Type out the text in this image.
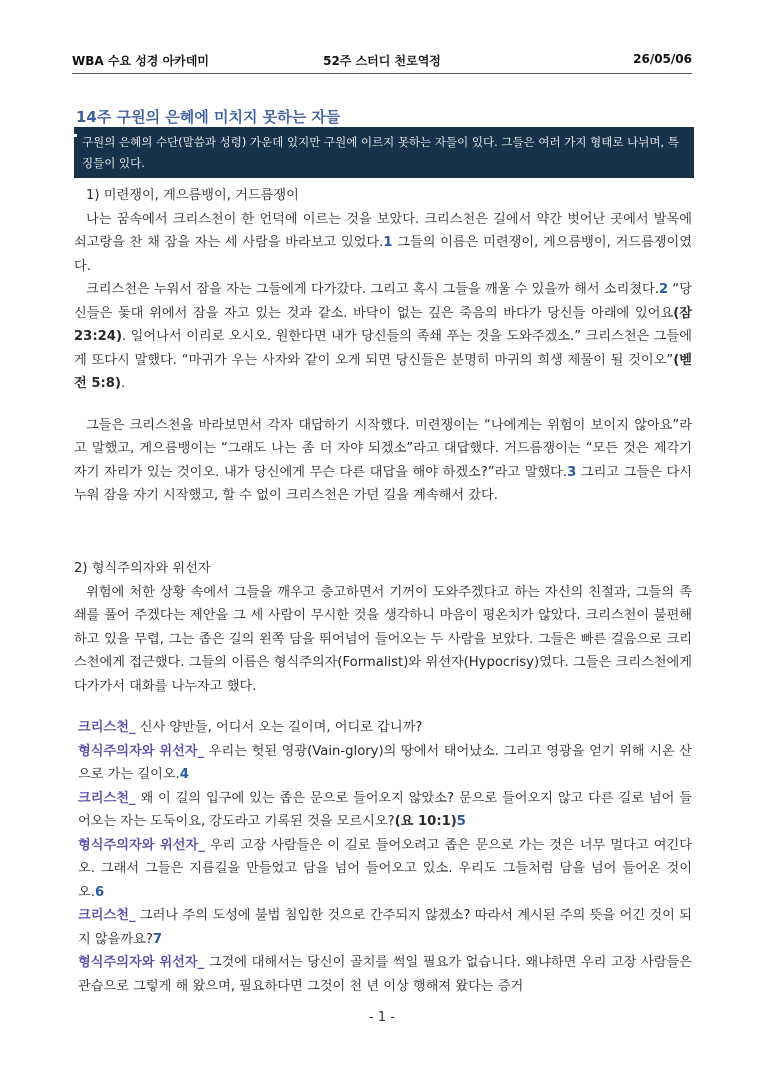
WBA 수요 성경 아카데미	52주 스터디 천로역정	26/05/06
14주 구원의 은혜에 미치지 못하는 자들
구원의 은혜의 수단(말씀과 성령) 가운데 있지만 구원에 이르지 못하는 자들이 있다. 그들은 여러 가지 형태로 나뉘며, 특징들이 있다.

1) 미련쟁이, 게으름뱅이, 거드름쟁이

나는 꿈속에서 크리스천이 한 언덕에 이르는 것을 보았다. 크리스천은 길에서 약간 벗어난 곳에서 발목에 쇠고랑을 찬 채 잠을 자는 세 사람을 바라보고 있었다.1 그들의 이름은 미련쟁이, 게으름뱅이, 거드름쟁이였다.

크리스천은 누워서 잠을 자는 그들에게 다가갔다. 그리고 혹시 그들을 깨울 수 있을까 해서 소리쳤다.2 “당신들은 돛대 위에서 잠을 자고 있는 것과 같소. 바닥이 없는 깊은 죽음의 바다가 당신들 아래에 있어요(잠 23:24). 일어나서 이리로 오시오. 원한다면 내가 당신들의 족쇄 푸는 것을 도와주겠소.” 크리스천은 그들에게 또다시 말했다. “마귀가 우는 사자와 같이 오게 되면 당신들은 분명히 마귀의 희생 제물이 될 것이오”(벧전 5:8).

그들은 크리스천을 바라보면서 각자 대답하기 시작했다. 미련쟁이는 “나에게는 위험이 보이지 않아요”라고 말했고, 게으름뱅이는 “그래도 나는 좀 더 자야 되겠소”라고 대답했다. 거드름쟁이는 “모든 것은 제각기 자기 자리가 있는 것이오. 내가 당신에게 무슨 다른 대답을 해야 하겠소?”라고 말했다.3 그리고 그들은 다시 누워 잠을 자기 시작했고, 할 수 없이 크리스천은 가던 길을 계속해서 갔다.

2) 형식주의자와 위선자

위험에 처한 상황 속에서 그들을 깨우고 충고하면서 기꺼이 도와주겠다고 하는 자신의 친절과, 그들의 족쇄를 풀어 주겠다는 제안을 그 세 사람이 무시한 것을 생각하니 마음이 평온치가 않았다. 크리스천이 불편해하고 있을 무렵, 그는 좁은 길의 왼쪽 담을 뛰어넘어 들어오는 두 사람을 보았다. 그들은 빠른 걸음으로 크리스천에게 접근했다. 그들의 이름은 형식주의자(Formalist)와 위선자(Hypocrisy)였다. 그들은 크리스천에게 다가가서 대화를 나누자고 했다.

크리스천_ 신사 양반들, 어디서 오는 길이며, 어디로 갑니까?

형식주의자와 위선자_ 우리는 헛된 영광(Vain-glory)의 땅에서 태어났소. 그리고 영광을 얻기 위해 시온 산으로 가는 길이오.4

크리스천_ 왜 이 길의 입구에 있는 좁은 문으로 들어오지 않았소? 문으로 들어오지 않고 다른 길로 넘어 들어오는 자는 도둑이요, 강도라고 기록된 것을 모르시오?(요 10:1)5

형식주의자와 위선자_ 우리 고장 사람들은 이 길로 들어오려고 좁은 문으로 가는 것은 너무 멀다고 여긴다오. 그래서 그들은 지름길을 만들었고 담을 넘어 들어오고 있소. 우리도 그들처럼 담을 넘어 들어온 것이오.6

크리스천_ 그러나 주의 도성에 불법 침입한 것으로 간주되지 않겠소? 따라서 계시된 주의 뜻을 어긴 것이 되지 않을까요?7

형식주의자와 위선자_ 그것에 대해서는 당신이 골치를 썩일 필요가 없습니다. 왜냐하면 우리 고장 사람들은 관습으로 그렇게 해 왔으며, 필요하다면 그것이 천 년 이상 행해져 왔다는 증거

- 1 -
